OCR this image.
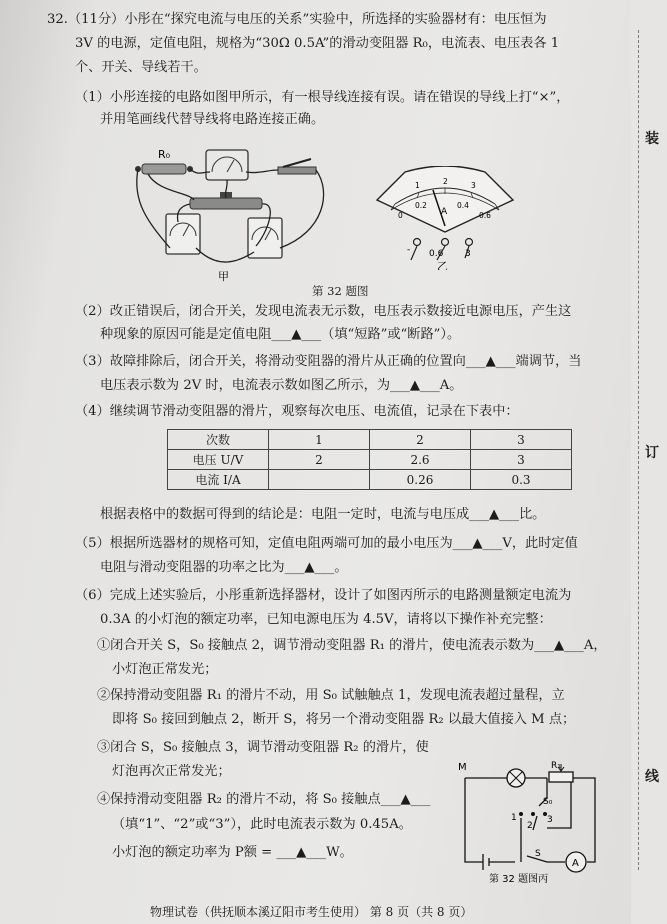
装
订
线
32.（11分）小彤在“探究电流与电压的关系”实验中，所选择的实验器材有：电压恒为
3V 的电源，定值电阻，规格为“30Ω 0.5A”的滑动变阻器 R₀，电流表、电压表各 1
个、开关、导线若干。
（1）小彤连接的电路如图甲所示，有一根导线连接有误。请在错误的导线上打“×”，
并用笔画线代替导线将电路连接正确。
R₀
甲
1	2	3
0
0.2	0.4
0.6
A
- 0.6 3
乙
第 32 题图
（2）改正错误后，闭合开关，发现电流表无示数，电压表示数接近电源电压，产生这
种现象的原因可能是定值电阻___▲___（填“短路”或“断路”）。
（3）故障排除后，闭合开关，将滑动变阻器的滑片从正确的位置向___▲___端调节，当
电压表示数为 2V 时，电流表示数如图乙所示，为___▲___A。
（4）继续调节滑动变阻器的滑片，观察每次电压、电流值，记录在下表中：
次数	1	2	3
电压 U/V	2	2.6	3
电流 I/A		0.26	0.3
根据表格中的数据可得到的结论是：电阻一定时，电流与电压成___▲___比。
（5）根据所选器材的规格可知，定值电阻两端可加的最小电压为___▲___V，此时定值
电阻与滑动变阻器的功率之比为___▲___。
（6）完成上述实验后，小彤重新选择器材，设计了如图丙所示的电路测量额定电流为
0.3A 的小灯泡的额定功率，已知电源电压为 4.5V，请将以下操作补充完整：
①闭合开关 S，S₀ 接触点 2，调节滑动变阻器 R₁ 的滑片，使电流表示数为___▲___A，
小灯泡正常发光；
②保持滑动变阻器 R₁ 的滑片不动，用 S₀ 试触触点 1，发现电流表超过量程，立
即将 S₀ 接回到触点 2，断开 S，将另一个滑动变阻器 R₂ 以最大值接入 M 点；
③闭合 S，S₀ 接触点 3，调节滑动变阻器 R₂ 的滑片，使
灯泡再次正常发光；
④保持滑动变阻器 R₂ 的滑片不动，将 S₀ 接触点___▲___
（填“1”、“2”或“3”），此时电流表示数为 0.45A。
小灯泡的额定功率为 P额 = ___▲___W。
M	R₁
S₀
1
2
3
S
A
第 32 题图丙
物理试卷（供抚顺本溪辽阳市考生使用） 第 8 页（共 8 页）
